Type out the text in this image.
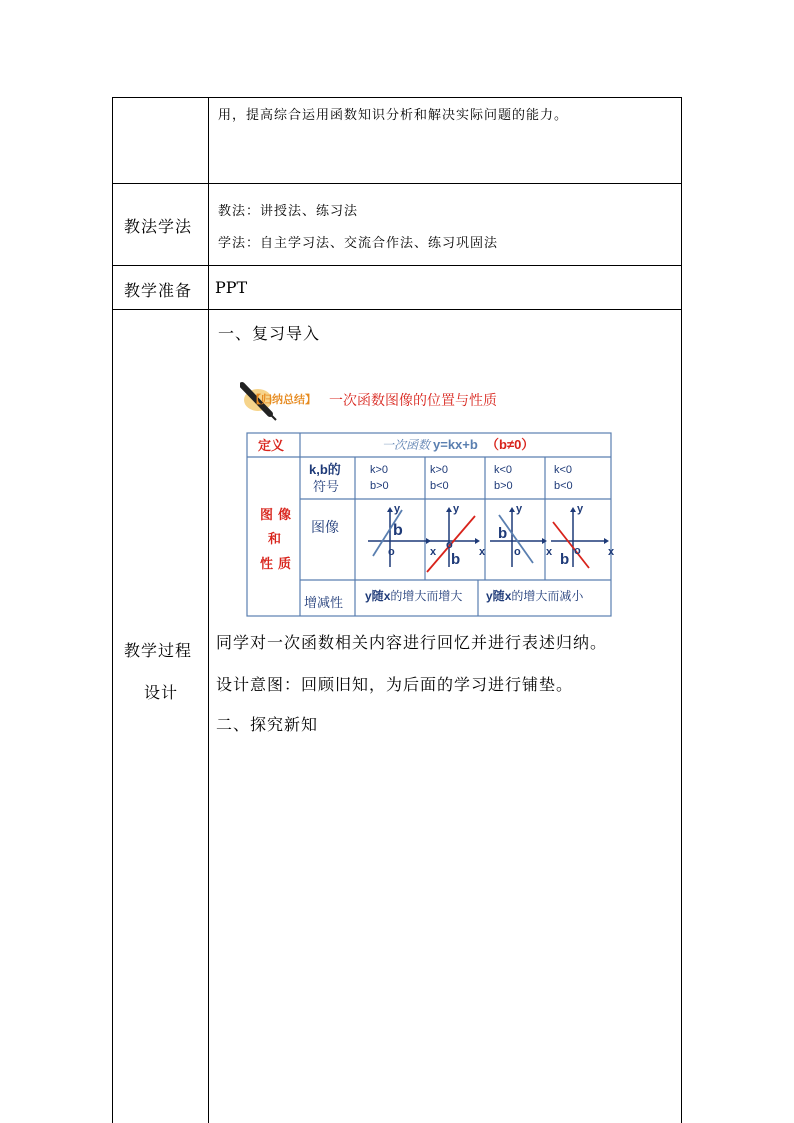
用，提高综合运用函数知识分析和解决实际问题的能力。
教法学法
教法：讲授法、练习法
学法：自主学习法、交流合作法、练习巩固法
教学准备 PPT
教学过程
设计
一、复习导入
【归纳总结】 一次函数图像的位置与性质
定义	一次函数 y=kx+b （b≠0）
k,b的
符号
k>0
b>0
k>0
b<0
k<0
b>0
k<0
b<0
图 像
和
性 质
图像
增减性 y随x的增大而增大 y随x的增大而减小
y
x
o
b
y
x
o
b
y
x
o
b
y
x
o
b
同学对一次函数相关内容进行回忆并进行表述归纳。
设计意图：回顾旧知，为后面的学习进行铺垫。
二、探究新知
